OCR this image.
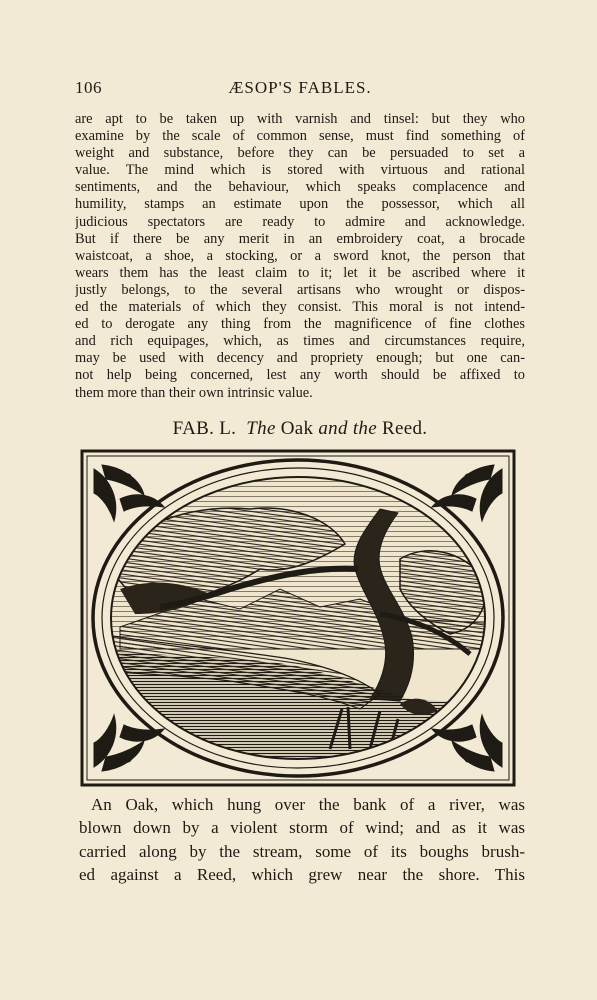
106	ÆSOP'S FABLES.
are apt to be taken up with varnish and tinsel: but they who
examine by the scale of common sense, must find something of
weight and substance, before they can be persuaded to set a
value. The mind which is stored with virtuous and rational
sentiments, and the behaviour, which speaks complacence and
humility, stamps an estimate upon the possessor, which all
judicious spectators are ready to admire and acknowledge.
But if there be any merit in an embroidery coat, a brocade
waistcoat, a shoe, a stocking, or a sword knot, the person that
wears them has the least claim to it; let it be ascribed where it
justly belongs, to the several artisans who wrought or dispos-
ed the materials of which they consist. This moral is not intend-
ed to derogate any thing from the magnificence of fine clothes
and rich equipages, which, as times and circumstances require,
may be used with decency and propriety enough; but one can-
not help being concerned, lest any worth should be affixed to
them more than their own intrinsic value.
FAB. L. The Oak and the Reed.
An Oak, which hung over the bank of a river, was
blown down by a violent storm of wind; and as it was
carried along by the stream, some of its boughs brush-
ed against a Reed, which grew near the shore. This
